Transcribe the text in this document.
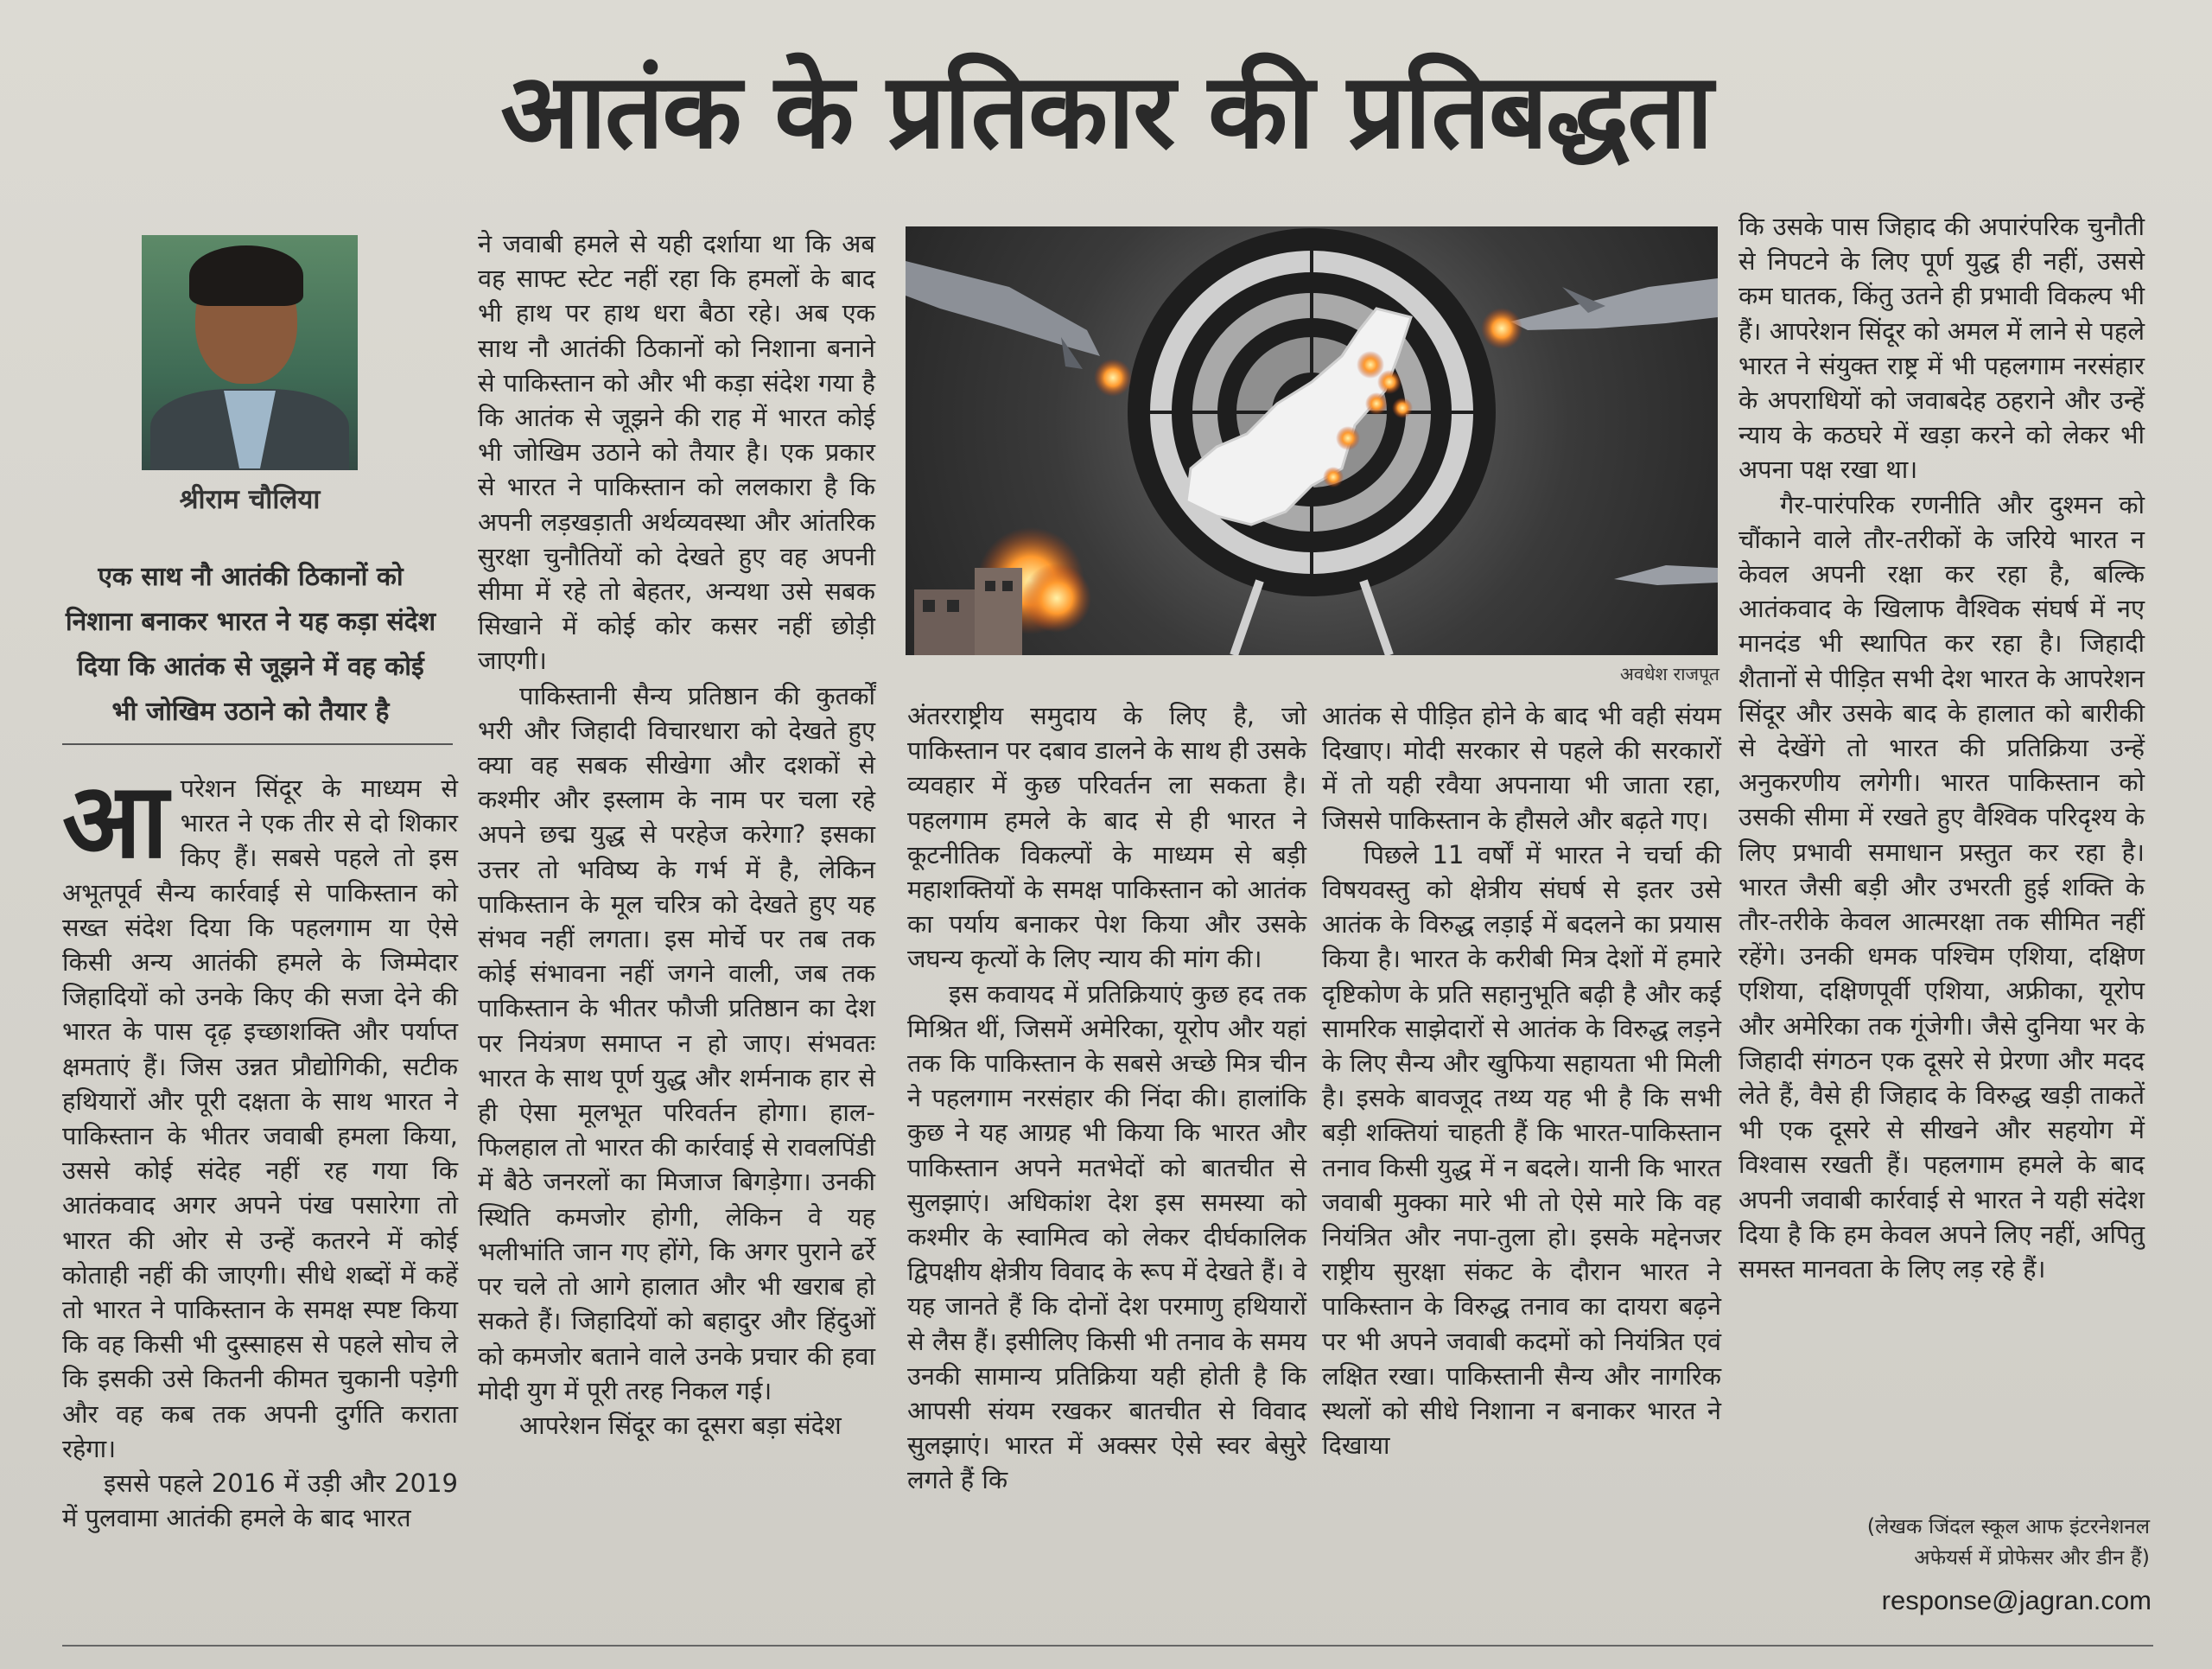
आतंक के प्रतिकार की प्रतिबद्धता
श्रीराम चौलिया
एक साथ नौ आतंकी ठिकानों को निशाना बनाकर भारत ने यह कड़ा संदेश दिया कि आतंक से जूझने में वह कोई भी जोखिम उठाने को तैयार है

आपरेशन सिंदूर के माध्यम से भारत ने एक तीर से दो शिकार किए हैं। सबसे पहले तो इस अभूतपूर्व सैन्य कार्रवाई से पाकिस्तान को सख्त संदेश दिया कि पहलगाम या ऐसे किसी अन्य आतंकी हमले के जिम्मेदार जिहादियों को उनके किए की सजा देने की भारत के पास दृढ़ इच्छाशक्ति और पर्याप्त क्षमताएं हैं। जिस उन्नत प्रौद्योगिकी, सटीक हथियारों और पूरी दक्षता के साथ भारत ने पाकिस्तान के भीतर जवाबी हमला किया, उससे कोई संदेह नहीं रह गया कि आतंकवाद अगर अपने पंख पसारेगा तो भारत की ओर से उन्हें कतरने में कोई कोताही नहीं की जाएगी। सीधे शब्दों में कहें तो भारत ने पाकिस्तान के समक्ष स्पष्ट किया कि वह किसी भी दुस्साहस से पहले सोच ले कि इसकी उसे कितनी कीमत चुकानी पड़ेगी और वह कब तक अपनी दुर्गति कराता रहेगा।

इससे पहले 2016 में उड़ी और 2019 में पुलवामा आतंकी हमले के बाद भारत

ने जवाबी हमले से यही दर्शाया था कि अब वह साफ्ट स्टेट नहीं रहा कि हमलों के बाद भी हाथ पर हाथ धरा बैठा रहे। अब एक साथ नौ आतंकी ठिकानों को निशाना बनाने से पाकिस्तान को और भी कड़ा संदेश गया है कि आतंक से जूझने की राह में भारत कोई भी जोखिम उठाने को तैयार है। एक प्रकार से भारत ने पाकिस्तान को ललकारा है कि अपनी लड़खड़ाती अर्थव्यवस्था और आंतरिक सुरक्षा चुनौतियों को देखते हुए वह अपनी सीमा में रहे तो बेहतर, अन्यथा उसे सबक सिखाने में कोई कोर कसर नहीं छोड़ी जाएगी।

पाकिस्तानी सैन्य प्रतिष्ठान की कुतर्कों भरी और जिहादी विचारधारा को देखते हुए क्या वह सबक सीखेगा और दशकों से कश्मीर और इस्लाम के नाम पर चला रहे अपने छद्म युद्ध से परहेज करेगा? इसका उत्तर तो भविष्य के गर्भ में है, लेकिन पाकिस्तान के मूल चरित्र को देखते हुए यह संभव नहीं लगता। इस मोर्चे पर तब तक कोई संभावना नहीं जगने वाली, जब तक पाकिस्तान के भीतर फौजी प्रतिष्ठान का देश पर नियंत्रण समाप्त न हो जाए। संभवतः भारत के साथ पूर्ण युद्ध और शर्मनाक हार से ही ऐसा मूलभूत परिवर्तन होगा। हाल-फिलहाल तो भारत की कार्रवाई से रावलपिंडी में बैठे जनरलों का मिजाज बिगड़ेगा। उनकी स्थिति कमजोर होगी, लेकिन वे यह भलीभांति जान गए होंगे, कि अगर पुराने ढर्रे पर चले तो आगे हालात और भी खराब हो सकते हैं। जिहादियों को बहादुर और हिंदुओं को कमजोर बताने वाले उनके प्रचार की हवा मोदी युग में पूरी तरह निकल गई।

आपरेशन सिंदूर का दूसरा बड़ा संदेश

अवधेश राजपूत

अंतरराष्ट्रीय समुदाय के लिए है, जो पाकिस्तान पर दबाव डालने के साथ ही उसके व्यवहार में कुछ परिवर्तन ला सकता है। पहलगाम हमले के बाद से ही भारत ने कूटनीतिक विकल्पों के माध्यम से बड़ी महाशक्तियों के समक्ष पाकिस्तान को आतंक का पर्याय बनाकर पेश किया और उसके जघन्य कृत्यों के लिए न्याय की मांग की।

इस कवायद में प्रतिक्रियाएं कुछ हद तक मिश्रित थीं, जिसमें अमेरिका, यूरोप और यहां तक कि पाकिस्तान के सबसे अच्छे मित्र चीन ने पहलगाम नरसंहार की निंदा की। हालांकि कुछ ने यह आग्रह भी किया कि भारत और पाकिस्तान अपने मतभेदों को बातचीत से सुलझाएं। अधिकांश देश इस समस्या को कश्मीर के स्वामित्व को लेकर दीर्घकालिक द्विपक्षीय क्षेत्रीय विवाद के रूप में देखते हैं। वे यह जानते हैं कि दोनों देश परमाणु हथियारों से लैस हैं। इसीलिए किसी भी तनाव के समय उनकी सामान्य प्रतिक्रिया यही होती है कि आपसी संयम रखकर बातचीत से विवाद सुलझाएं। भारत में अक्सर ऐसे स्वर बेसुरे लगते हैं कि

आतंक से पीड़ित होने के बाद भी वही संयम दिखाए। मोदी सरकार से पहले की सरकारों में तो यही रवैया अपनाया भी जाता रहा, जिससे पाकिस्तान के हौसले और बढ़ते गए।

पिछले 11 वर्षों में भारत ने चर्चा की विषयवस्तु को क्षेत्रीय संघर्ष से इतर उसे आतंक के विरुद्ध लड़ाई में बदलने का प्रयास किया है। भारत के करीबी मित्र देशों में हमारे दृष्टिकोण के प्रति सहानुभूति बढ़ी है और कई सामरिक साझेदारों से आतंक के विरुद्ध लड़ने के लिए सैन्य और खुफिया सहायता भी मिली है। इसके बावजूद तथ्य यह भी है कि सभी बड़ी शक्तियां चाहती हैं कि भारत-पाकिस्तान तनाव किसी युद्ध में न बदले। यानी कि भारत जवाबी मुक्का मारे भी तो ऐसे मारे कि वह नियंत्रित और नपा-तुला हो। इसके मद्देनजर राष्ट्रीय सुरक्षा संकट के दौरान भारत ने पाकिस्तान के विरुद्ध तनाव का दायरा बढ़ने पर भी अपने जवाबी कदमों को नियंत्रित एवं लक्षित रखा। पाकिस्तानी सैन्य और नागरिक स्थलों को सीधे निशाना न बनाकर भारत ने दिखाया

कि उसके पास जिहाद की अपारंपरिक चुनौती से निपटने के लिए पूर्ण युद्ध ही नहीं, उससे कम घातक, किंतु उतने ही प्रभावी विकल्प भी हैं। आपरेशन सिंदूर को अमल में लाने से पहले भारत ने संयुक्त राष्ट्र में भी पहलगाम नरसंहार के अपराधियों को जवाबदेह ठहराने और उन्हें न्याय के कठघरे में खड़ा करने को लेकर भी अपना पक्ष रखा था।

गैर-पारंपरिक रणनीति और दुश्मन को चौंकाने वाले तौर-तरीकों के जरिये भारत न केवल अपनी रक्षा कर रहा है, बल्कि आतंकवाद के खिलाफ वैश्विक संघर्ष में नए मानदंड भी स्थापित कर रहा है। जिहादी शैतानों से पीड़ित सभी देश भारत के आपरेशन सिंदूर और उसके बाद के हालात को बारीकी से देखेंगे तो भारत की प्रतिक्रिया उन्हें अनुकरणीय लगेगी। भारत पाकिस्तान को उसकी सीमा में रखते हुए वैश्विक परिदृश्य के लिए प्रभावी समाधान प्रस्तुत कर रहा है। भारत जैसी बड़ी और उभरती हुई शक्ति के तौर-तरीके केवल आत्मरक्षा तक सीमित नहीं रहेंगे। उनकी धमक पश्चिम एशिया, दक्षिण एशिया, दक्षिणपूर्वी एशिया, अफ्रीका, यूरोप और अमेरिका तक गूंजेगी। जैसे दुनिया भर के जिहादी संगठन एक दूसरे से प्रेरणा और मदद लेते हैं, वैसे ही जिहाद के विरुद्ध खड़ी ताकतें भी एक दूसरे से सीखने और सहयोग में विश्वास रखती हैं। पहलगाम हमले के बाद अपनी जवाबी कार्रवाई से भारत ने यही संदेश दिया है कि हम केवल अपने लिए नहीं, अपितु समस्त मानवता के लिए लड़ रहे हैं।

(लेखक जिंदल स्कूल आफ इंटरनेशनल
अफेयर्स में प्रोफेसर और डीन हैं)
response@jagran.com
